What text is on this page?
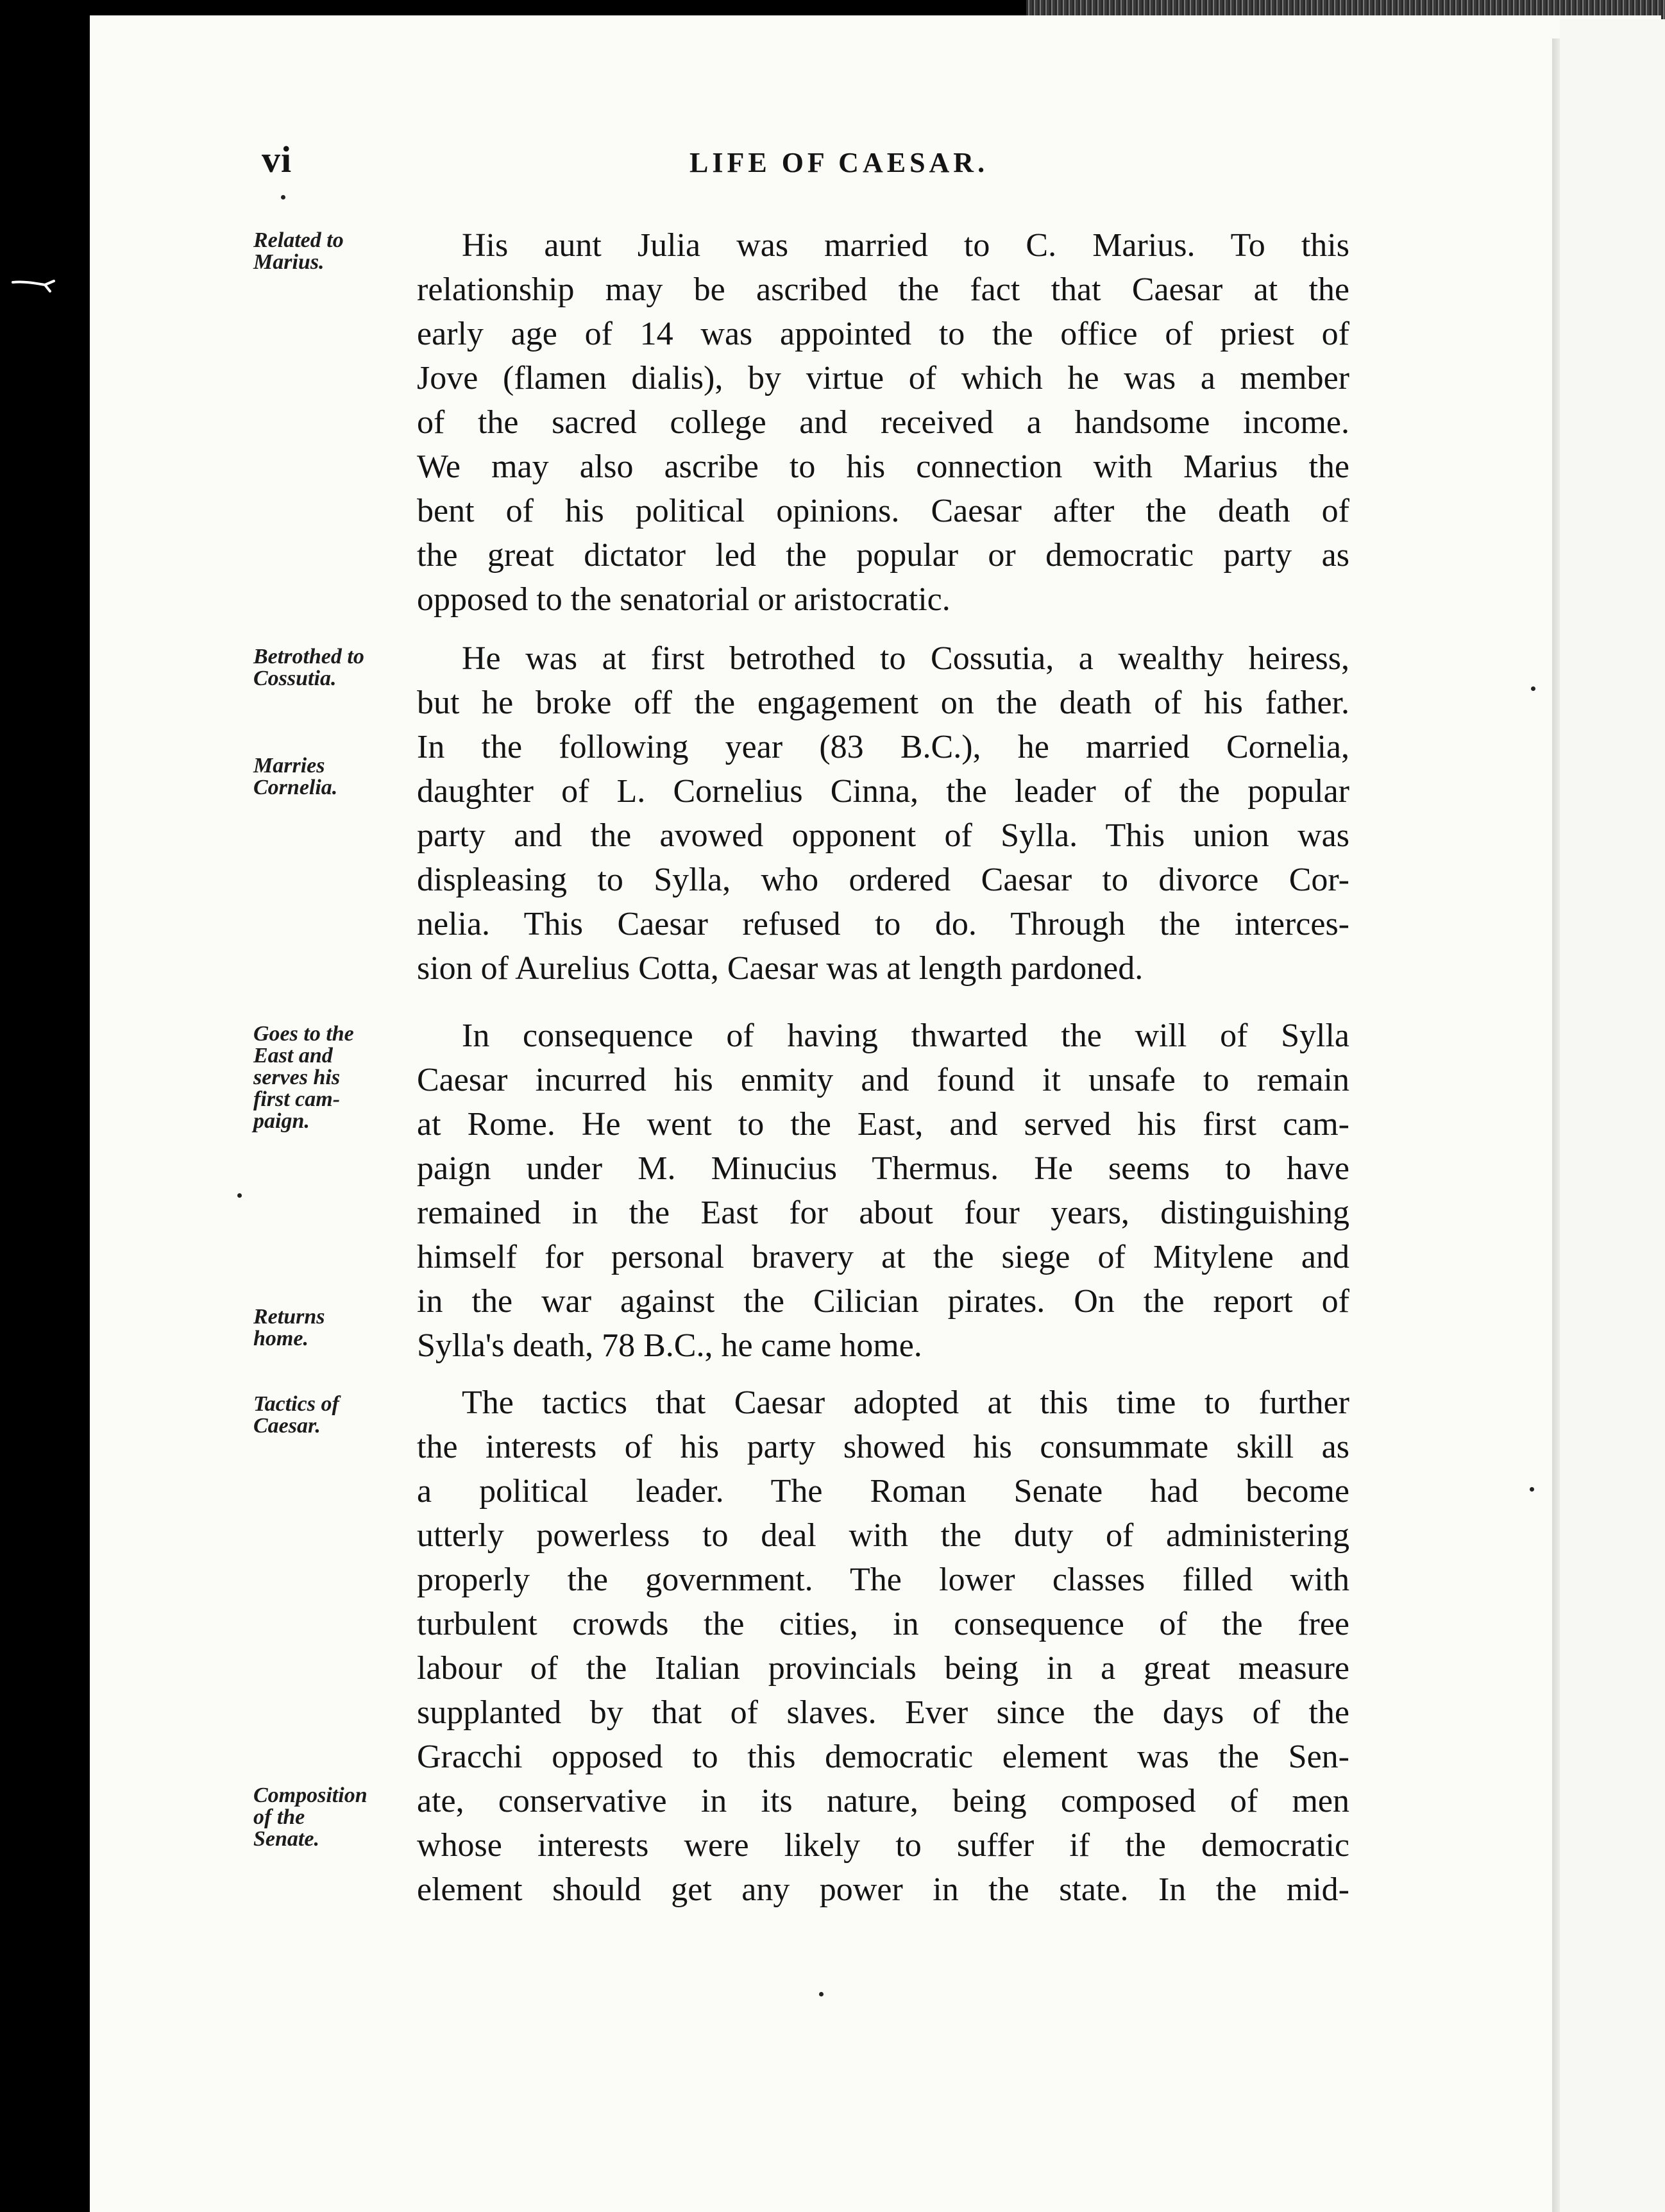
vi	LIFE OF CAESAR.
Related to
Marius.
Betrothed to
Cossutia.
Marries
Cornelia.
Goes to the
East and
serves his
first cam-
paign.
Returns
home.
Tactics of
Caesar.
Composition
of the
Senate.
His aunt Julia was married to C. Marius. To this
relationship may be ascribed the fact that Caesar at the
early age of 14 was appointed to the office of priest of
Jove (flamen dialis), by virtue of which he was a member
of the sacred college and received a handsome income.
We may also ascribe to his connection with Marius the
bent of his political opinions. Caesar after the death of
the great dictator led the popular or democratic party as
opposed to the senatorial or aristocratic.
He was at first betrothed to Cossutia, a wealthy heiress,
but he broke off the engagement on the death of his father.
In the following year (83 B.C.), he married Cornelia,
daughter of L. Cornelius Cinna, the leader of the popular
party and the avowed opponent of Sylla. This union was
displeasing to Sylla, who ordered Caesar to divorce Cor-
nelia. This Caesar refused to do. Through the interces-
sion of Aurelius Cotta, Caesar was at length pardoned.
In consequence of having thwarted the will of Sylla
Caesar incurred his enmity and found it unsafe to remain
at Rome. He went to the East, and served his first cam-
paign under M. Minucius Thermus. He seems to have
remained in the East for about four years, distinguishing
himself for personal bravery at the siege of Mitylene and
in the war against the Cilician pirates. On the report of
Sylla's death, 78 B.C., he came home.
The tactics that Caesar adopted at this time to further
the interests of his party showed his consummate skill as
a political leader. The Roman Senate had become
utterly powerless to deal with the duty of administering
properly the government. The lower classes filled with
turbulent crowds the cities, in consequence of the free
labour of the Italian provincials being in a great measure
supplanted by that of slaves. Ever since the days of the
Gracchi opposed to this democratic element was the Sen-
ate, conservative in its nature, being composed of men
whose interests were likely to suffer if the democratic
element should get any power in the state. In the mid-
